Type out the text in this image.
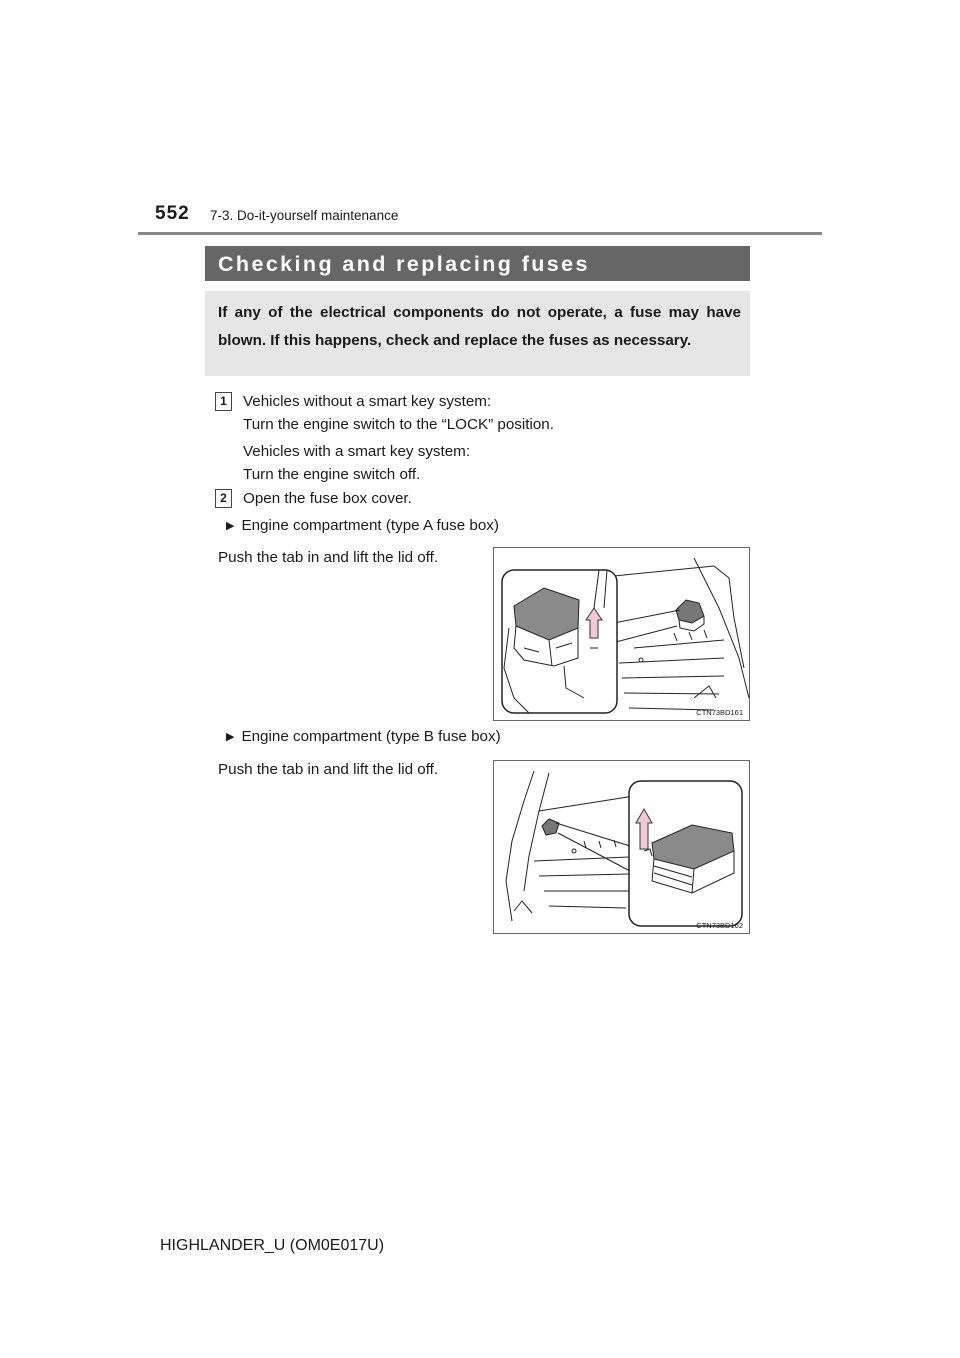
552 7-3. Do-it-yourself maintenance
Checking and replacing fuses
If any of the electrical components do not operate, a fuse may have blown. If this happens, check and replace the fuses as necessary.
1	Vehicles without a smart key system:
Turn the engine switch to the “LOCK” position.
Vehicles with a smart key system:
Turn the engine switch off.
2	Open the fuse box cover.
▶ Engine compartment (type A fuse box)
Push the tab in and lift the lid off.
CTN73BD161
▶ Engine compartment (type B fuse box)
Push the tab in and lift the lid off.
CTN73BD162
HIGHLANDER_U (OM0E017U)
